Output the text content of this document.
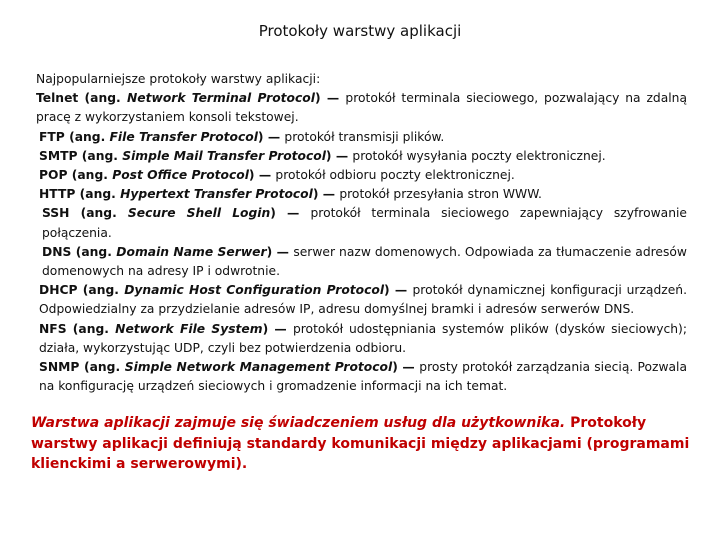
Protokoły warstwy aplikacji

Najpopularniejsze protokoły warstwy aplikacji:

Telnet (ang. Network Terminal Protocol) — protokół terminala sieciowego, pozwalający na zdalną pracę z wykorzystaniem konsoli tekstowej.

FTP (ang. File Transfer Protocol) — protokół transmisji plików.

SMTP (ang. Simple Mail Transfer Protocol) — protokół wysyłania poczty elektronicznej.

POP (ang. Post Office Protocol) — protokół odbioru poczty elektronicznej.

HTTP (ang. Hypertext Transfer Protocol) — protokół przesyłania stron WWW.

SSH (ang. Secure Shell Login) — protokół terminala sieciowego zapewniający szyfrowanie połączenia.

DNS (ang. Domain Name Serwer) — serwer nazw domenowych. Odpowiada za tłumaczenie adresów domenowych na adresy IP i odwrotnie.

DHCP (ang. Dynamic Host Configuration Protocol) — protokół dynamicznej konfiguracji urządzeń. Odpowiedzialny za przydzielanie adresów IP, adresu domyślnej bramki i adresów serwerów DNS.

NFS (ang. Network File System) — protokół udostępniania systemów plików (dysków sieciowych); działa, wykorzystując UDP, czyli bez potwierdzenia odbioru.

SNMP (ang. Simple Network Management Protocol) — prosty protokół zarządzania siecią. Pozwala na konfigurację urządzeń sieciowych i gromadzenie informacji na ich temat.

Warstwa aplikacji zajmuje się świadczeniem usług dla użytkownika. Protokoły warstwy aplikacji definiują standardy komunikacji między aplikacjami (programami klienckimi a serwerowymi).
